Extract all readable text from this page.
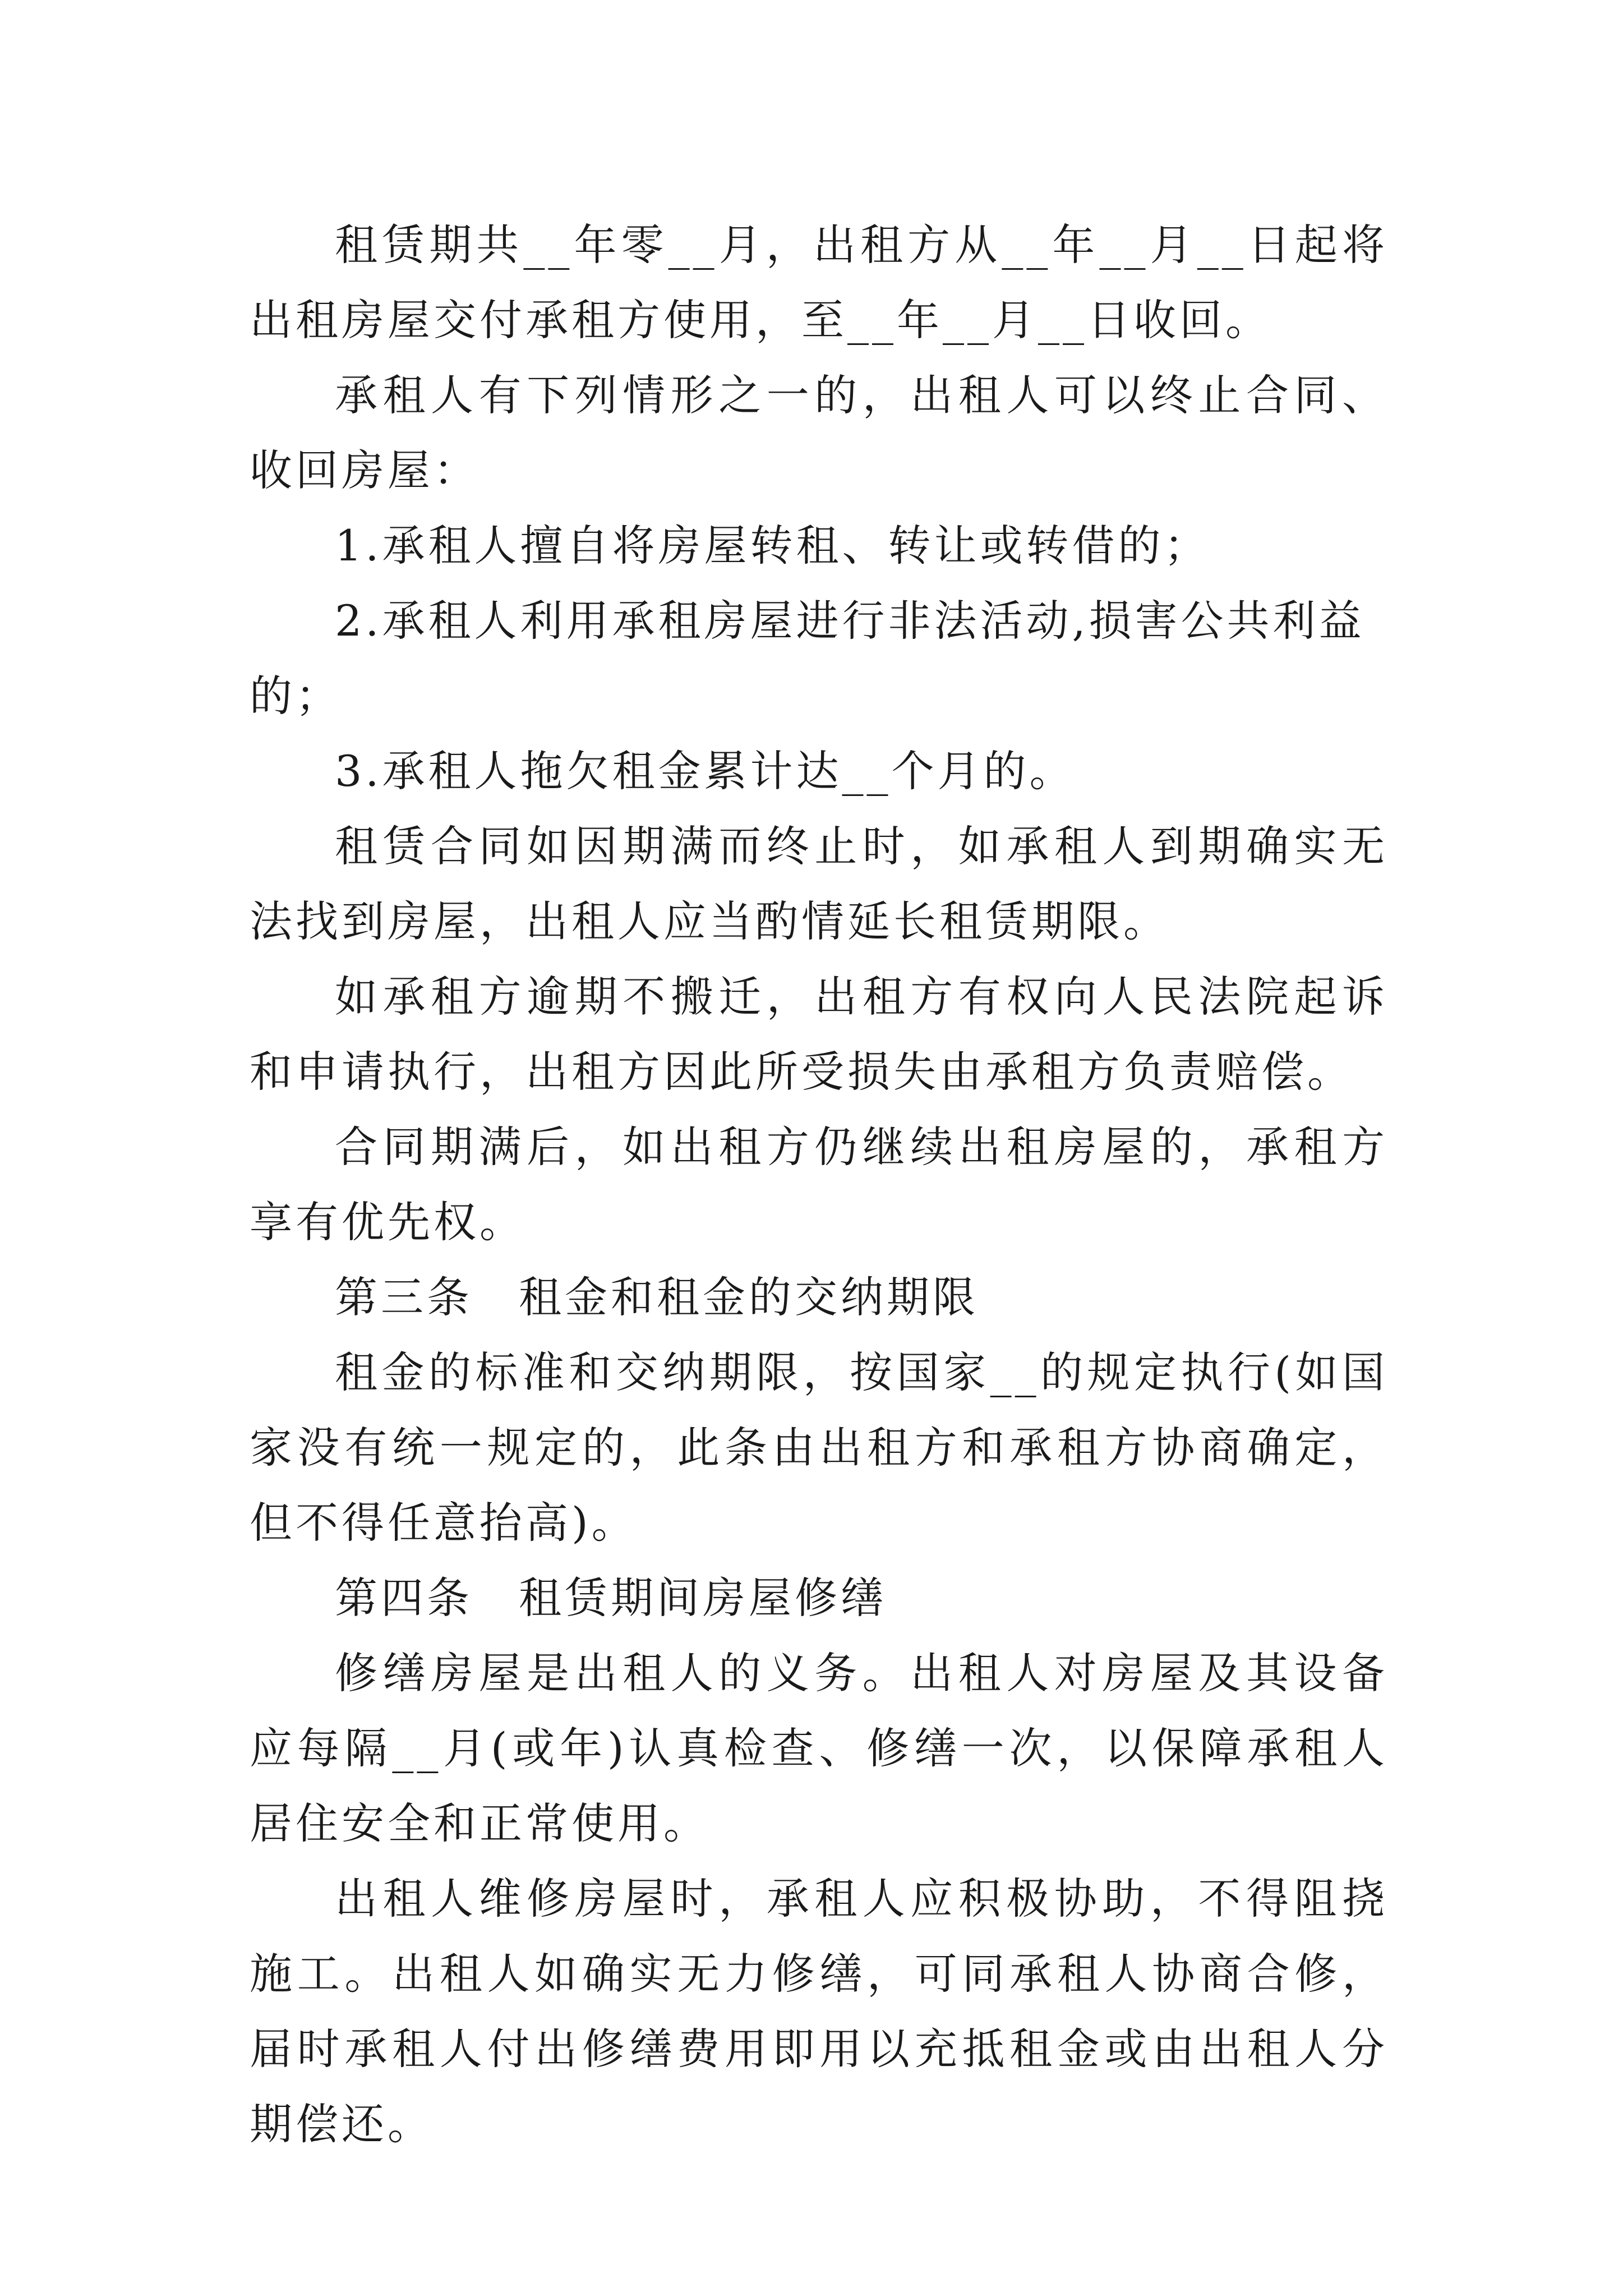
租赁期共__年零__月，出租方从__年__月__日起将出租房屋交付承租方使用，至__年__月__日收回。

承租人有下列情形之一的，出租人可以终止合同、收回房屋：

1.承租人擅自将房屋转租、转让或转借的；

2.承租人利用承租房屋进行非法活动,损害公共利益的；

3.承租人拖欠租金累计达__个月的。

租赁合同如因期满而终止时，如承租人到期确实无法找到房屋，出租人应当酌情延长租赁期限。

如承租方逾期不搬迁，出租方有权向人民法院起诉和申请执行，出租方因此所受损失由承租方负责赔偿。

合同期满后，如出租方仍继续出租房屋的，承租方享有优先权。

第三条　租金和租金的交纳期限

租金的标准和交纳期限，按国家__的规定执行(如国家没有统一规定的，此条由出租方和承租方协商确定，但不得任意抬高)。

第四条　租赁期间房屋修缮

修缮房屋是出租人的义务。出租人对房屋及其设备应每隔__月(或年)认真检查、修缮一次，以保障承租人居住安全和正常使用。

出租人维修房屋时，承租人应积极协助，不得阻挠施工。出租人如确实无力修缮，可同承租人协商合修，届时承租人付出修缮费用即用以充抵租金或由出租人分期偿还。
